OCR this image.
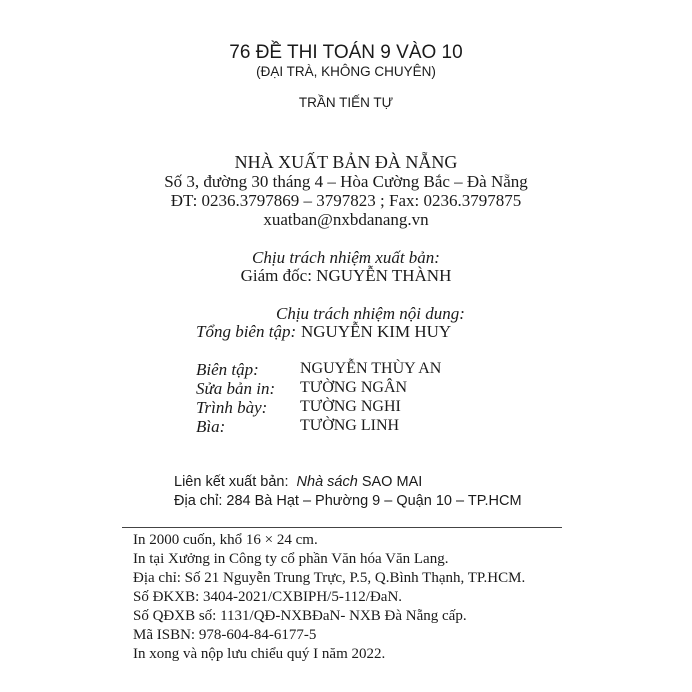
76 ĐỀ THI TOÁN 9 VÀO 10
(ĐẠI TRÀ, KHÔNG CHUYÊN)
TRẦN TIẾN TỰ
NHÀ XUẤT BẢN ĐÀ NẴNG
Số 3, đường 30 tháng 4 – Hòa Cường Bắc – Đà Nẵng
ĐT: 0236.3797869 – 3797823 ; Fax: 0236.3797875
xuatban@nxbdanang.vn
Chịu trách nhiệm xuất bản:
Giám đốc: NGUYỄN THÀNH
Chịu trách nhiệm nội dung:
Tổng biên tập: NGUYỄN KIM HUY
Biên tập:	NGUYỄN THÙY AN
Sửa bản in: TƯỜNG NGÂN
Trình bày: TƯỜNG NGHI
Bìa:	TƯỜNG LINH
Liên kết xuất bản: Nhà sách SAO MAI
Địa chỉ: 284 Bà Hạt – Phường 9 – Quận 10 – TP.HCM
In 2000 cuốn, khổ 16 × 24 cm.
In tại Xưởng in Công ty cổ phần Văn hóa Văn Lang.
Địa chỉ: Số 21 Nguyễn Trung Trực, P.5, Q.Bình Thạnh, TP.HCM.
Số ĐKXB: 3404-2021/CXBIPH/5-112/ĐaN.
Số QĐXB số: 1131/QĐ-NXBĐaN- NXB Đà Nẵng cấp.
Mã ISBN: 978-604-84-6177-5
In xong và nộp lưu chiểu quý I năm 2022.
